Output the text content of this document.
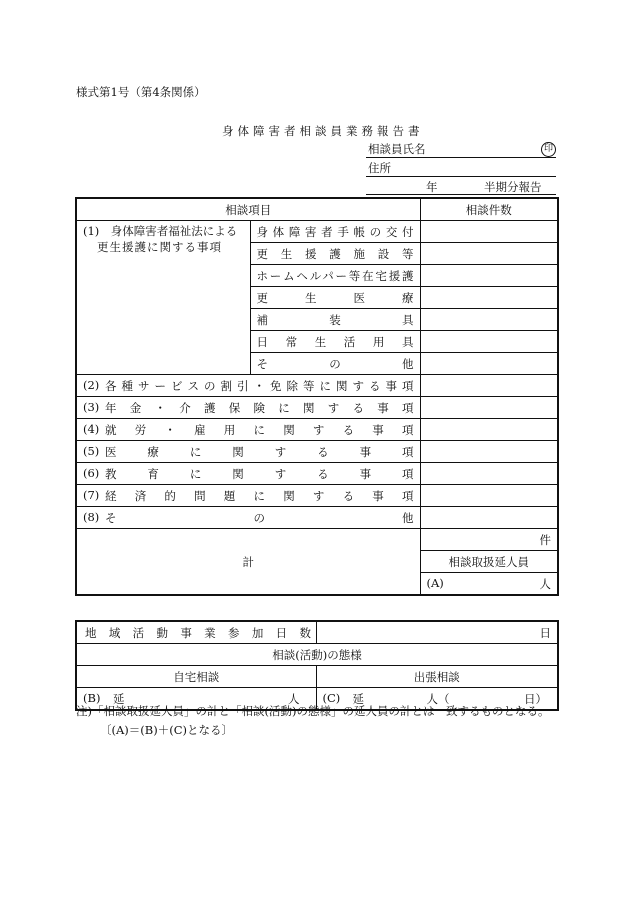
様式第1号（第4条関係）
身体障害者相談員業務報告書
相談員氏名	印
住所
年	半期分報告
相談項目		相談件数

(1)　身体障害者福祉法による
更生援護に関する事項	身体障害者手帳の交付	
	更生援護施設等	
	ホームヘルパー等在宅援護	
	更生医療	
	補装具	
	日常生活用具	
	その他	

(2) 各種サービスの割引・免除等に関する事項		

(3) 年金・介護保険に関する事項		

(4) 就労・雇用に関する事項		

(5) 医療に関する事項		

(6) 教育に関する事項		

(7) 経済的問題に関する事項		

(8) その他		

計		件
		相談取扱延人員

		(A) 人
地域活動事業参加日数	日
相談(活動)の態様	
自宅相談	出張相談

(B) 延 人	(C) 延 人（ 日）
注)「相談取扱延人員」の計と「相談(活動)の態様」の延人員の計とは一致するものとなる。
〔(A)＝(B)＋(C)となる〕
